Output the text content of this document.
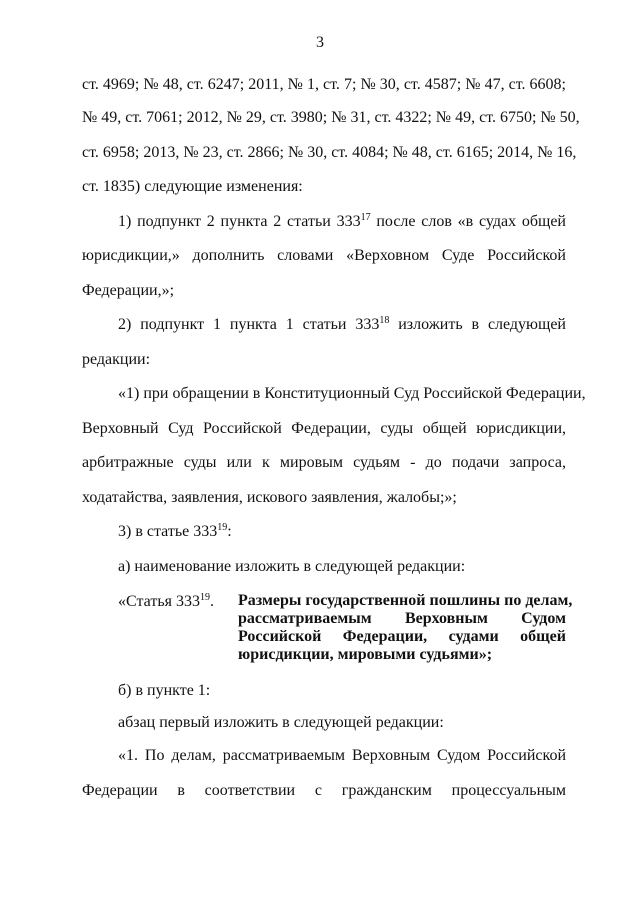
3
ст. 4969; № 48, ст. 6247; 2011, № 1, ст. 7; № 30, ст. 4587; № 47, ст. 6608;
№ 49, ст. 7061; 2012, № 29, ст. 3980; № 31, ст. 4322; № 49, ст. 6750; № 50,
ст. 6958; 2013, № 23, ст. 2866; № 30, ст. 4084; № 48, ст. 6165; 2014, № 16,
ст. 1835) следующие изменения:
1) подпункт 2 пункта 2 статьи $333^{17}$ после слов «в судах общей
юрисдикции,» дополнить словами «Верховном Суде Российской
Федерации,»;
2) подпункт 1 пункта 1 статьи $333^{18}$ изложить в следующей
редакции:
«1) при обращении в Конституционный Суд Российской Федерации,
Верховный Суд Российской Федерации, суды общей юрисдикции,
арбитражные суды или к мировым судьям - до подачи запроса,
ходатайства, заявления, искового заявления, жалобы;»;
3) в статье $333^{19}$:
а) наименование изложить в следующей редакции:
«Статья $333^{19}$. Размеры государственной пошлины по делам,
рассматриваемым Верховным Судом
Российской Федерации, судами общей
юрисдикции, мировыми судьями»;
б) в пункте 1:
абзац первый изложить в следующей редакции:
«1. По делам, рассматриваемым Верховным Судом Российской
Федерации в соответствии с гражданским процессуальным
